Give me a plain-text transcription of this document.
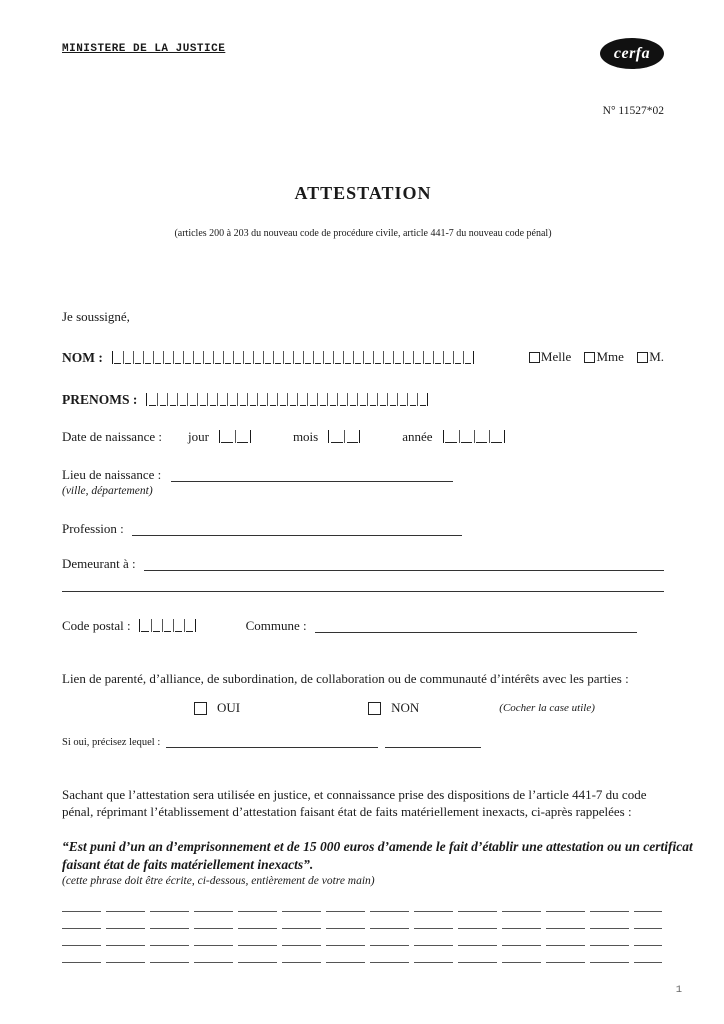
MINISTERE DE LA JUSTICE	cerfa
N° 11527*02
ATTESTATION
(articles 200 à 203 du nouveau code de procédure civile, article 441-7 du nouveau code pénal)
Je soussigné,
NOM :	Melle
Mme
M.
PRENOMS :
Date de naissance : jour	mois	année
Lieu de naissance :
(ville, département)
Profession :
Demeurant à :
Code postal :	Commune :
Lien de parenté, d’alliance, de subordination, de collaboration ou de communauté d’intérêts avec les parties :
OUI	NON	(Cocher la case utile)
Si oui, précisez lequel :
Sachant que l’attestation sera utilisée en justice, et connaissance prise des dispositions de l’article 441-7 du code pénal, réprimant l’établissement d’attestation faisant état de faits matériellement inexacts, ci-après rappelées :
“Est puni d’un an d’emprisonnement et de 15 000 euros d’amende le fait d’établir une attestation ou un certificat faisant état de faits matériellement inexacts”.
(cette phrase doit être écrite, ci-dessous, entièrement de votre main)
1
